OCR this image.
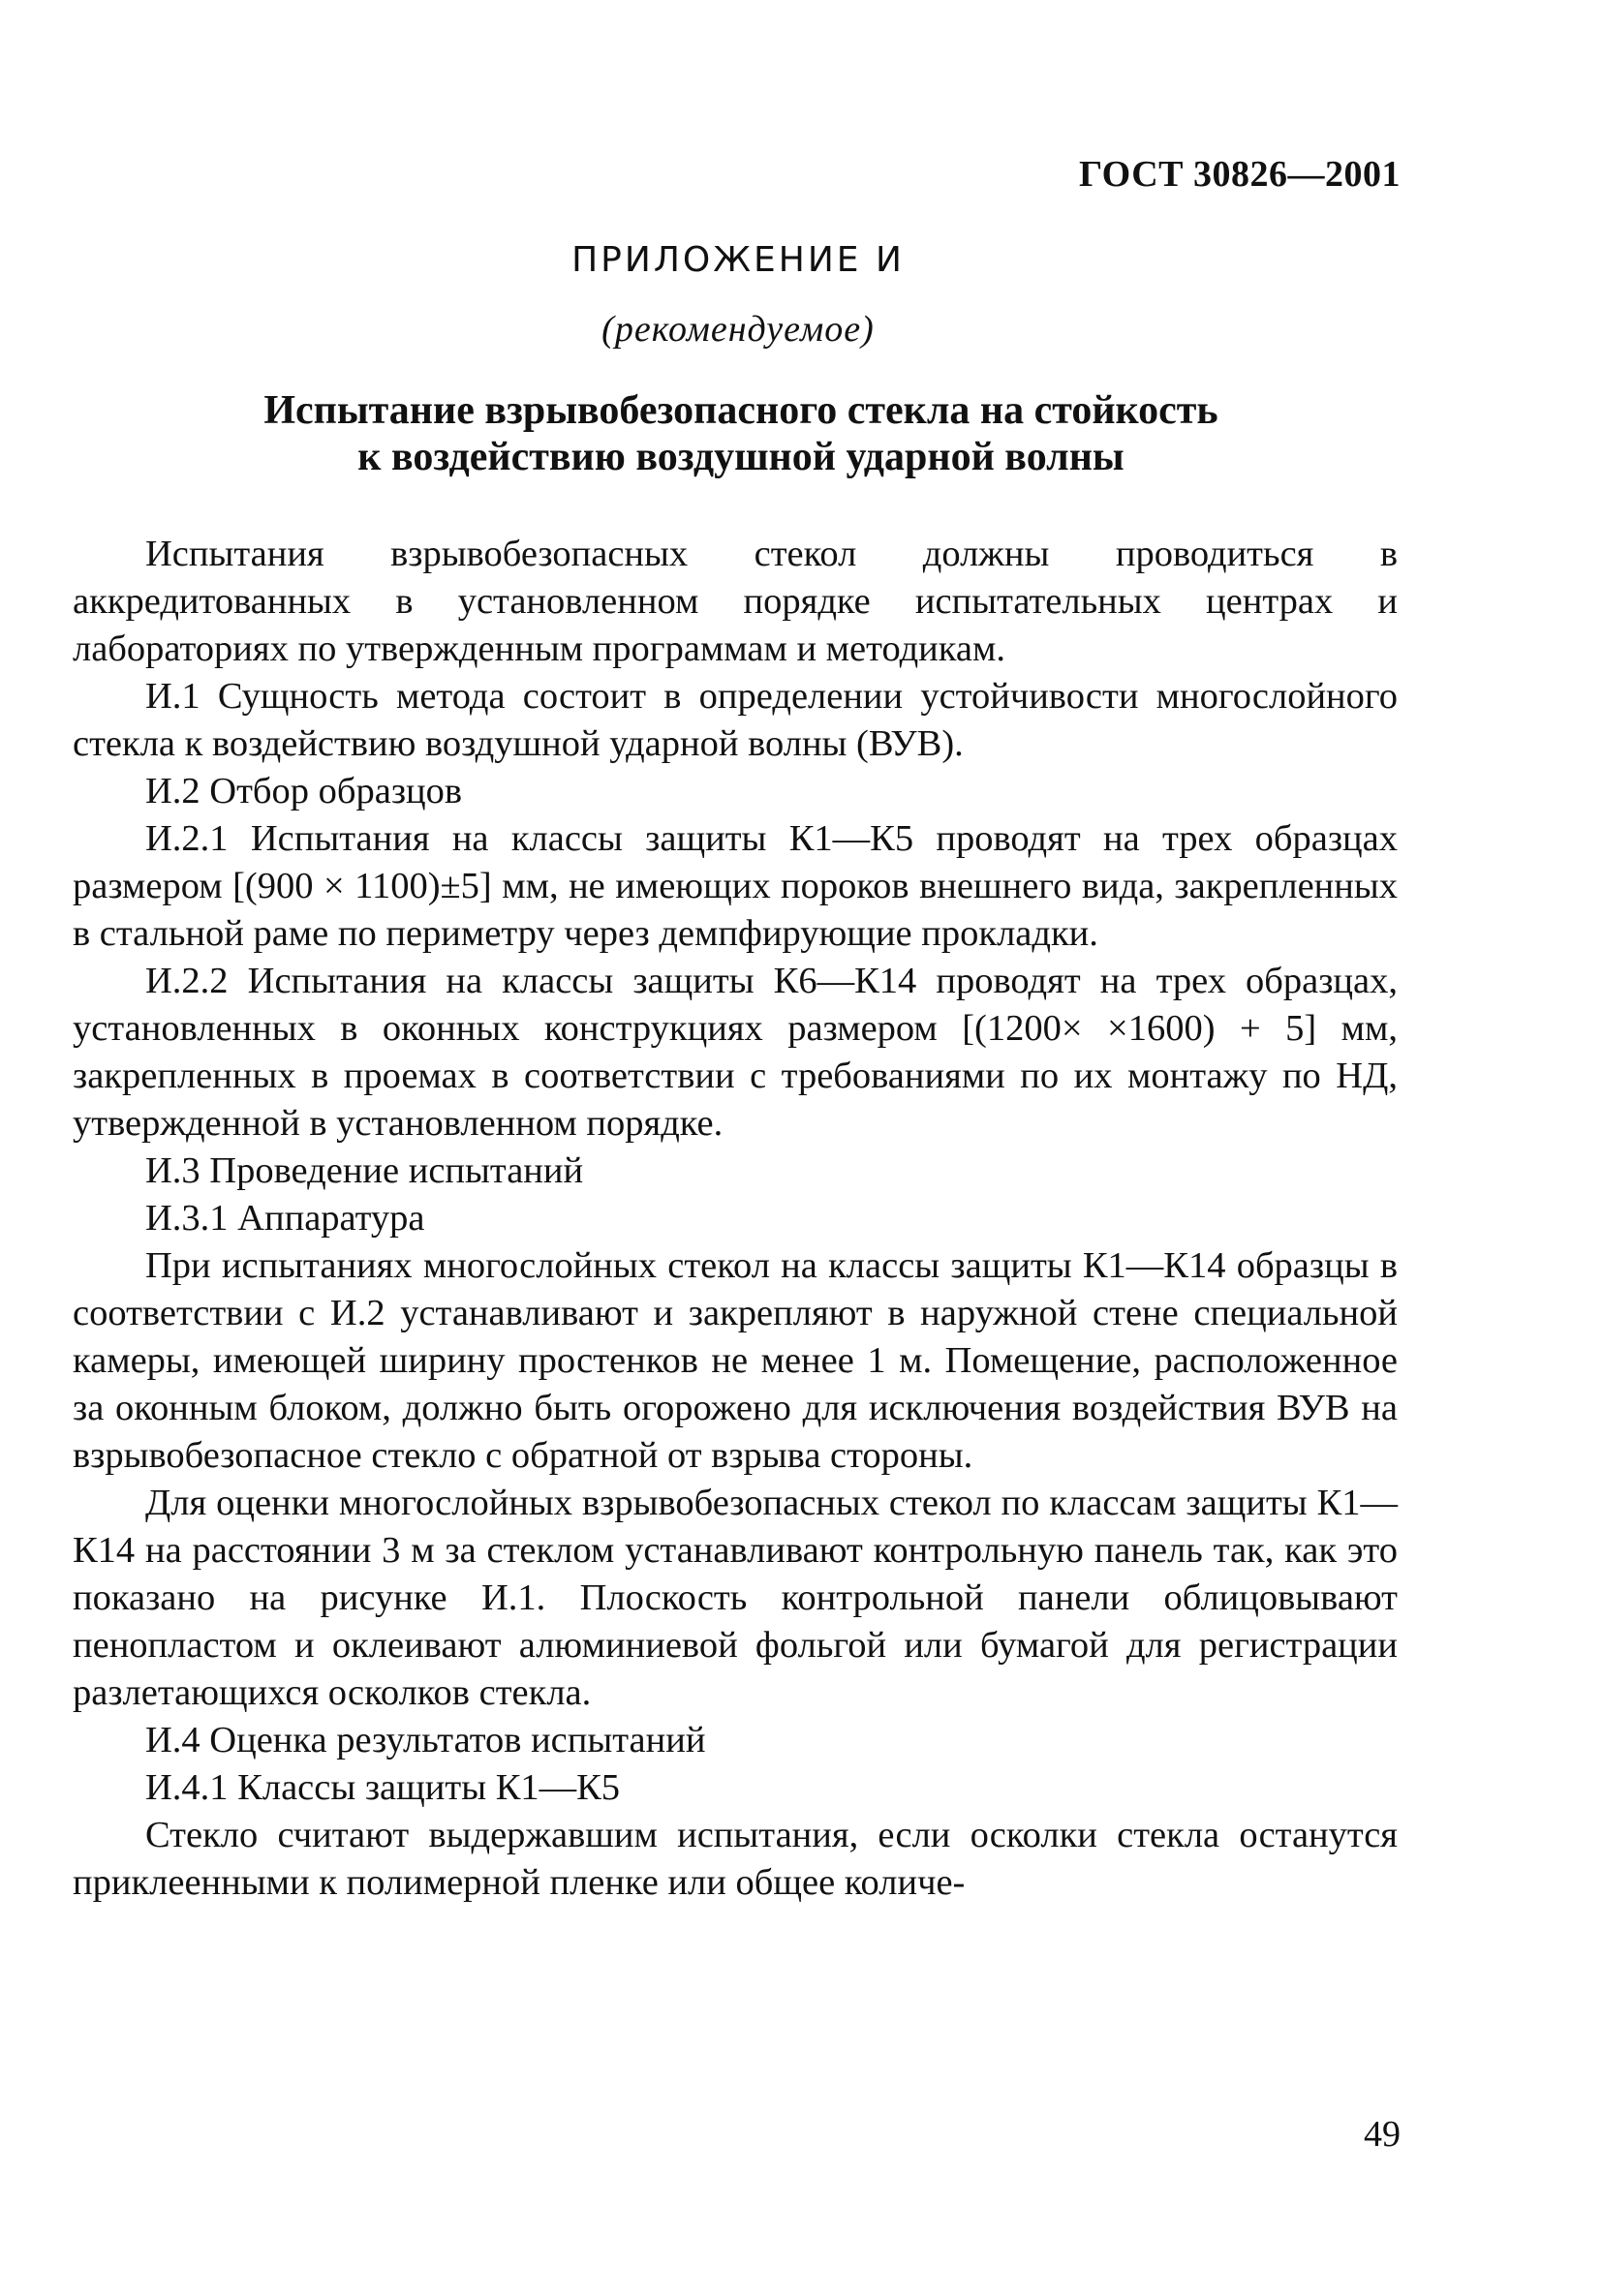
ГОСТ 30826—2001
ПРИЛОЖЕНИЕ И
(рекомендуемое)
Испытание взрывобезопасного стекла на стойкость
к воздействию воздушной ударной волны

Испытания взрывобезопасных стекол должны проводиться в аккредитованных в установленном порядке испытательных центрах и лабораториях по утвержденным программам и методикам.

И.1 Сущность метода состоит в определении устойчивости многослойного стекла к воздействию воздушной ударной волны (ВУВ).

И.2 Отбор образцов

И.2.1 Испытания на классы защиты К1—К5 проводят на трех образцах размером [(900 × 1100)±5] мм, не имеющих пороков внешнего вида, закрепленных в стальной раме по периметру через демпфирующие прокладки.

И.2.2 Испытания на классы защиты К6—К14 проводят на трех образцах, установленных в оконных конструкциях размером [(1200× ×1600) + 5] мм, закрепленных в проемах в соответствии с требованиями по их монтажу по НД, утвержденной в установленном порядке.

И.3 Проведение испытаний

И.3.1 Аппаратура

При испытаниях многослойных стекол на классы защиты К1—К14 образцы в соответствии с И.2 устанавливают и закрепляют в наружной стене специальной камеры, имеющей ширину простенков не менее 1 м. Помещение, расположенное за оконным блоком, должно быть огорожено для исключения воздействия ВУВ на взрывобезопасное стекло с обратной от взрыва стороны.

Для оценки многослойных взрывобезопасных стекол по классам защиты К1—К14 на расстоянии 3 м за стеклом устанавливают контрольную панель так, как это показано на рисунке И.1. Плоскость контрольной панели облицовывают пенопластом и оклеивают алюминиевой фольгой или бумагой для регистрации разлетающихся осколков стекла.

И.4 Оценка результатов испытаний

И.4.1 Классы защиты К1—К5

Стекло считают выдержавшим испытания, если осколки стекла останутся приклеенными к полимерной пленке или общее количе-

49
